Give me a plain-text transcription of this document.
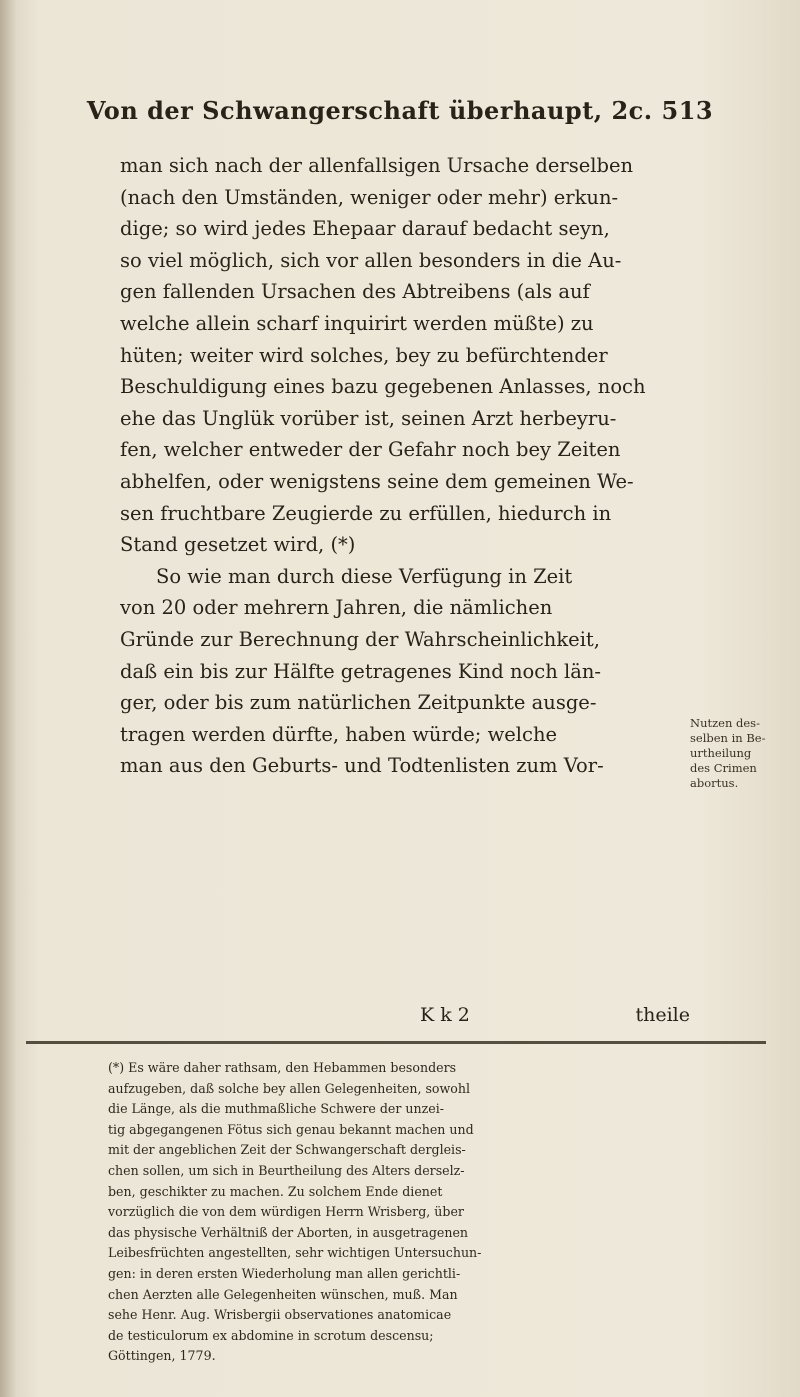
Von der Schwangerschaft überhaupt, 2c. 513
man sich nach der allenfallsigen Ursache derselben
(nach den Umständen, weniger oder mehr) erkun-
dige; so wird jedes Ehepaar darauf bedacht seyn,
so viel möglich, sich vor allen besonders in die Au-
gen fallenden Ursachen des Abtreibens (als auf
welche allein scharf inquirirt werden müßte) zu
hüten; weiter wird solches, bey zu befürchtender
Beschuldigung eines bazu gegebenen Anlasses, noch
ehe das Unglük vorüber ist, seinen Arzt herbeyru-
fen, welcher entweder der Gefahr noch bey Zeiten
abhelfen, oder wenigstens seine dem gemeinen We-
sen fruchtbare Zeugierde zu erfüllen, hiedurch in
Stand gesetzet wird, (*)
So wie man durch diese Verfügung in Zeit
von 20 oder mehrern Jahren, die nämlichen
Gründe zur Berechnung der Wahrscheinlichkeit,
daß ein bis zur Hälfte getragenes Kind noch län-
ger, oder bis zum natürlichen Zeitpunkte ausge-
tragen werden dürfte, haben würde; welche
man aus den Geburts- und Todtenlisten zum Vor-
Nutzen des-
selben in Be-
urtheilung
des Crimen
abortus.
K k 2	theile
(*) Es wäre daher rathsam, den Hebammen besonders
aufzugeben, daß solche bey allen Gelegenheiten, sowohl
die Länge, als die muthmaßliche Schwere der unzei-
tig abgegangenen Fötus sich genau bekannt machen und
mit der angeblichen Zeit der Schwangerschaft dergleis-
chen sollen, um sich in Beurtheilung des Alters derselz-
ben, geschikter zu machen. Zu solchem Ende dienet
vorzüglich die von dem würdigen Herrn Wrisberg, über
das physische Verhältniß der Aborten, in ausgetragenen
Leibesfrüchten angestellten, sehr wichtigen Untersuchun-
gen: in deren ersten Wiederholung man allen gerichtli-
chen Aerzten alle Gelegenheiten wünschen, muß. Man
sehe Henr. Aug. Wrisbergii observationes anatomicae
de testiculorum ex abdomine in scrotum descensu;
Göttingen, 1779.
